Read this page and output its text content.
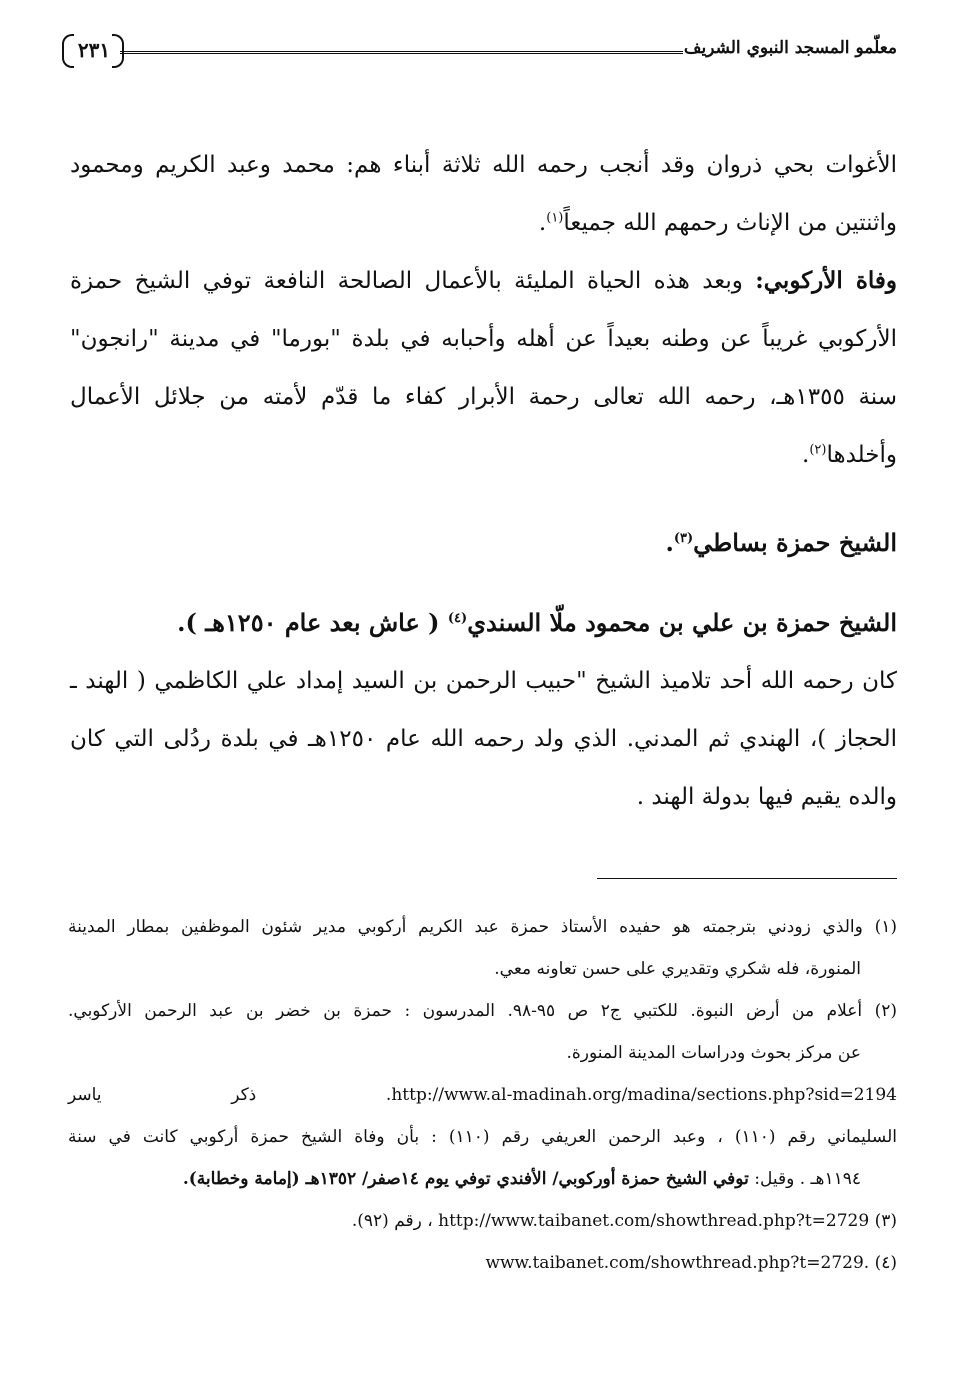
معلّمو المسجد النبوي الشريف
٢٣١
الأغوات بحي ذروان وقد أنجب رحمه الله ثلاثة أبناء هم: محمد وعبد الكريم ومحمود
واثنتين من الإناث رحمهم الله جميعاً$^{(١)}$.
وفاة الأركوبي: وبعد هذه الحياة المليئة بالأعمال الصالحة النافعة توفي الشيخ حمزة
الأركوبي غريباً عن وطنه بعيداً عن أهله وأحبابه في بلدة "بورما" في مدينة "رانجون"
سنة ١٣٥٥هـ، رحمه الله تعالى رحمة الأبرار كفاء ما قدّم لأمته من جلائل الأعمال
وأخلدها$^{(٢)}$.
الشيخ حمزة بساطي$^{(٣)}$.
الشيخ حمزة بن علي بن محمود ملّا السندي$^{(٤)}$ ( عاش بعد عام ١٢٥٠هـ ).
كان رحمه الله أحد تلاميذ الشيخ "حبيب الرحمن بن السيد إمداد علي الكاظمي ( الهند ـ
الحجاز )، الهندي ثم المدني. الذي ولد رحمه الله عام ١٢٥٠هـ في بلدة ردُلى التي كان
والده يقيم فيها بدولة الهند .
(١) والذي زودني بترجمته هو حفيده الأستاذ حمزة عبد الكريم أركوبي مدير شئون الموظفين بمطار المدينة
المنورة، فله شكري وتقديري على حسن تعاونه معي.
(٢) أعلام من أرض النبوة. للكتبي ج٢ ص ٩٥-٩٨. المدرسون : حمزة بن خضر بن عبد الرحمن الأركوبي.
عن مركز بحوث ودراسات المدينة المنورة.
http://www.al-madinah.org/madina/sections.php?sid=2194. ذكر ياسر
السليماني رقم (١١٠) ، وعبد الرحمن العريفي رقم (١١٠) : بأن وفاة الشيخ حمزة أركوبي كانت في سنة
١١٩٤هـ . وقيل: توفي الشيخ حمزة أوركوبي/ الأفندي توفي يوم ١٤صفر/ ١٣٥٢هـ (إمامة وخطابة).
(٣) http://www.taibanet.com/showthread.php?t=2729 ، رقم (٩٢).
(٤) www.taibanet.com/showthread.php?t=2729.
